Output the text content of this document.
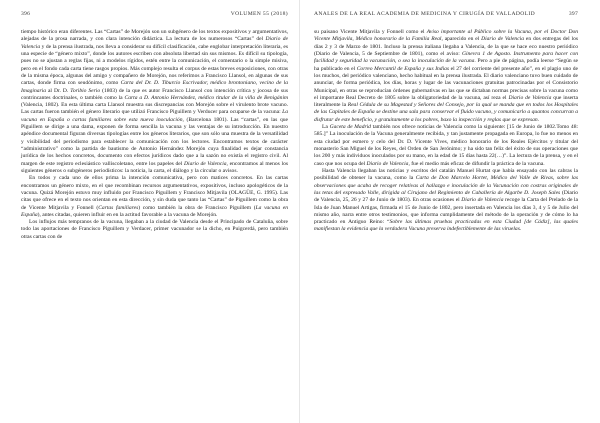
396	VOLUMEN 55 (2018)

tiempo histórico eran diferentes. Las “Cartas” de Morejón son un subgénero de los textos expositivos y argumentativos, alejadas de la prosa narrada, y con clara intención didáctica. La lectura de los numerosos “Cartas” del Diario de Valencia y de la prensa ilustrada, nos lleva a considerar su difícil clasificación, cabe englobar interpretación literaria, es una especie de “género mixto”, donde los autores escriben con absoluta libertad sin sus mismos. Es difícil su tipología, pues no se ajustan a reglas fijas, ni a modelos rígidos, estén entre la comunicación, el comentario o la simple misiva, pero en el fondo cada carta tiene rasgos propios. Más complejo resulta el corpus de estas breves exposiciones, con otras de la misma época, algunas del amigo y compañero de Morejón, nos referimos a Francisco Llansol, en algunas de sus cartas, donde firma con seudónimo, como Carta del Dr. D. Tiburcio Escrivador, médico brontoniano, vecino de la Imaginaria al Dr. D. Toribio Serio (1803) de la que es autor Francisco Llansol con intención crítica y jocosa de sus contrincantes doctrinales, o también como la Carta a D. Antonio Hernández, médico titular de la villa de Benigánim (Valencia, 1802). En esta última carta Llansol muestra sus discrepancias con Morejón sobre el virulento brote vacuno. Las cartas fueron también el género literario que utilizó Francisco Piguillem y Verducer para ocuparse de la vacuna: La vacuna en España o cartas familiares sobre esta nueva inoculación, (Barcelona 1801). Las “cartas”, en las que Piguillem se dirige a una dama, exponen de forma sencilla la vacuna y las ventajas de su introducción. En nuestro apéndice documental figuran diversas tipologías entre los géneros literarios, que son sólo una muestra de la versatilidad y visibilidad del periodismo para establecer la comunicación con los lectores. Encontramos textos de carácter “administrativo” como la partida de bautismo de Antonio Hernández Morejón cuya finalidad es dejar constancia jurídica de los hechos concretos, documento con efectos jurídicos dado que a la sazón no existía el registro civil. Al margen de este registro eclesiástico valliscoletano, entre los papeles del Diario de Valencia, encontramos al menos los siguientes géneros o subgéneros periodísticos: la noticia, la carta, el diálogo y la circular o avisos.

En todos y cada uno de ellos prima la intención comunicativa, pero con matices concretos. En las cartas encontramos un género mixto, en el que recombinan recursos argumentativos, expositivos, incluso apologéticos de la vacuna. Quizá Morejón estuvo muy influido por Francisco Piguillem y Francisco Mitjavila (OLAGÜE, G. 1995). Las citas que ofrece en el texto nos orientan en esta dirección, y sin duda que tanto las “Cartas” de Piguillem como la obra de Vicente Mitjavila y Fonnell (Cartas familiares) como también la obra de Francisco Piguillem (La vacuna en España), antes citadas, quieren influir en en la actitud favorable a la vacuna de Morejón.

Los influjos más tempranos de la vacuna, llegaban a la ciudad de Valencia desde el Principado de Cataluña, sobre todo las aportaciones de Francisco Piguillem y Verdacer, primer vacunador se la dicho, en Puigcerdá, pero también otras cartas con de

ANALES DE LA REAL ACADEMIA DE MEDICINA Y CIRUGÍA DE VALLADOLID	397

su paisano Vicente Mitjavila y Fonnell como el Aviso importante al Público sobre la Vacuna, por el Doctor Don Vicente Mitjavila, Médico honorario de la Familia Real, aparecido en el Diario de Valencia en dos entregas del los días 2 y 3 de Marzo de 1801. Incluso la prensa italiana llegaba a Valencia, de la que se hace eco nuestro periódico (Diario de Valencia, 5 de Septiembre de 1801), como el aviso: Ginevra 1 de Agosto. Instrumento para hacer con facilidad y seguridad la vacunación, o sea la inoculación de la vacuna. Pero a pie de página, podía leerse “Según se ha publicado en el Correo Mercantil de España y sus Indias el 27 del corriente del presente año”, en el plagio uno de los muchos, del periódico valenciano, hecho habitual en la prensa ilustrada. El diario valenciano tuvo buen cuidado de anunciar, de forma periódica, los días, horas y lugar de las vacunaciones gratuitas patrocinadas por el Consistorio Municipal, en otras se reproducían órdenes gubernativas en las que se dictaban normas precisas sobre la vacuna como el importante Real Decreto de 1805 sobre la obligatoriedad de la vacuna, así reza el Diario de Valencia que inserta literalmente la Real Cédula de su Magestad y Señores del Consejo, por la qual se manda que en todos los Hospitales de las Capitales de España se destine una sala para conservar el fluido vacuno, y comunicarlo a quantos concurran a disfrutar de este beneficio, y gratuitamente a los pobres, baxo la inspección y reglas que se expresan.

La Gaceta de Madrid también nos ofrece noticias de Valencia como la siguiente: [15 de Junio de 1802.Tomo 48: 585.]” La inoculación de la Vacuna generalmente recibida, y tan justamente propagada en Europa, lo fue no menos en esta ciudad por esmero y celo del Dr. D. Vicente Vives, médico honorario de los Reales Ejércitos y titular del monasterio San Miguel de los Reyes, del Orden de San Jerónimo; y ha sido tan feliz del éxito de sus operaciones que los 200 y más individuos inoculados por su mano, en la edad de 15 días hasta 22(…)”. La lectura de la prensa, y en el caso que nos ocupa del Diario de Valencia, fue el medio más eficaz de difundir la práctica de la vacuna.

Hasta Valencia llegaban las noticias y escritos del catalán Manuel Hurtat que había ensayado con las cabras la posibilidad de obtener la vacuna, como la Carta de Don Marcelo Hortet, Médico del Valle de Rivas, sobre las observaciones que acaba de recoger relativas al hallazgo e inoculación de la Vacunación con costras originales de las tetas del expresado Valle, dirigida al Cirujano del Regimiento de Caballería de Algarbe D. Joseph Sales (Diario de Valencia, 25, 26 y 27 de Junio de 1803). En otras ocasiones el Diario de Valencia recoge la Carta del Prelado de la Isla de Juan Manuel Artigas, firmada el 15 de Junio de 1802, pero insertada en Valencia los días 3, 4 y 5 de Julio del mismo año, narra entre otros testimonios, que informa cumplidamente del método de la operación y de cómo lo ha practicado en Antiguo Reino: “Sobre las últimas pruebas practicadas en esta Ciudad [de Cádiz], las quales manifiestan la evidencia que la verdadera Vacuna preserva indefectiblemente de las viruelas.
